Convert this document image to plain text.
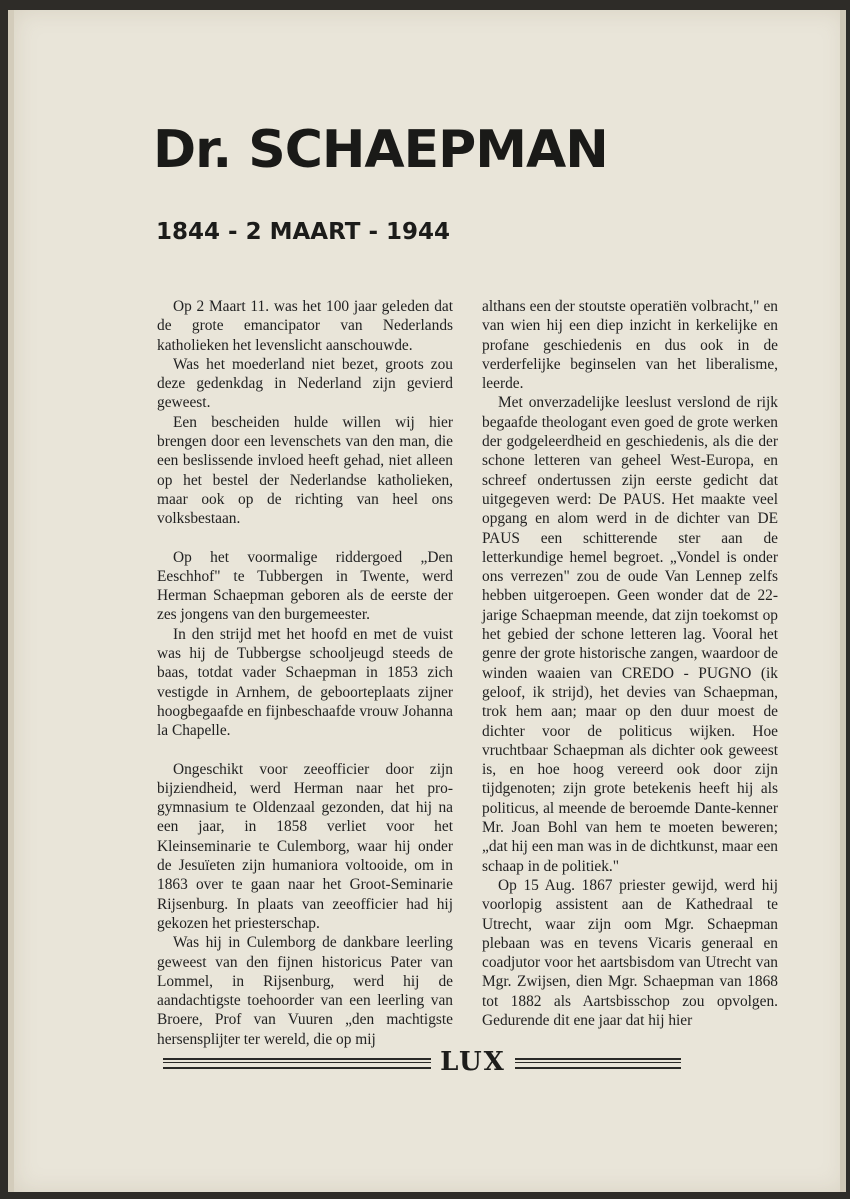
Dr. SCHAEPMAN
1844 - 2 MAART - 1944

Op 2 Maart 11. was het 100 jaar geleden dat de grote emancipator van Nederlands katholieken het levenslicht aanschouwde.

Was het moederland niet bezet, groots zou deze gedenkdag in Nederland zijn gevierd geweest.

Een bescheiden hulde willen wij hier brengen door een levenschets van den man, die een beslissende invloed heeft gehad, niet alleen op het bestel der Nederlandse katholieken, maar ook op de richting van heel ons volksbestaan.

Op het voormalige riddergoed „Den Eeschhof" te Tubbergen in Twente, werd Herman Schaepman geboren als de eerste der zes jongens van den burgemeester.

In den strijd met het hoofd en met de vuist was hij de Tubbergse schooljeugd steeds de baas, totdat vader Schaepman in 1853 zich vestigde in Arnhem, de geboorteplaats zijner hoogbegaafde en fijnbeschaafde vrouw Johanna la Chapelle.

Ongeschikt voor zeeofficier door zijn bijziendheid, werd Herman naar het pro-gymnasium te Oldenzaal gezonden, dat hij na een jaar, in 1858 verliet voor het Kleinseminarie te Culemborg, waar hij onder de Jesuïeten zijn humaniora voltooide, om in 1863 over te gaan naar het Groot-Seminarie Rijsenburg. In plaats van zeeofficier had hij gekozen het priesterschap.

Was hij in Culemborg de dankbare leerling geweest van den fijnen historicus Pater van Lommel, in Rijsenburg, werd hij de aandachtigste toehoorder van een leerling van Broere, Prof van Vuuren „den machtigste hersensplijter ter wereld, die op mij

althans een der stoutste operatiën volbracht," en van wien hij een diep inzicht in kerkelijke en profane geschiedenis en dus ook in de verderfelijke beginselen van het liberalisme, leerde.

Met onverzadelijke leeslust verslond de rijk begaafde theologant even goed de grote werken der godgeleerdheid en geschiedenis, als die der schone letteren van geheel West-Europa, en schreef ondertussen zijn eerste gedicht dat uitgegeven werd: De PAUS. Het maakte veel opgang en alom werd in de dichter van DE PAUS een schitterende ster aan de letterkundige hemel begroet. „Vondel is onder ons verrezen" zou de oude Van Lennep zelfs hebben uitgeroepen. Geen wonder dat de 22-jarige Schaepman meende, dat zijn toekomst op het gebied der schone letteren lag. Vooral het genre der grote historische zangen, waardoor de winden waaien van CREDO - PUGNO (ik geloof, ik strijd), het devies van Schaepman, trok hem aan; maar op den duur moest de dichter voor de politicus wijken. Hoe vruchtbaar Schaepman als dichter ook geweest is, en hoe hoog vereerd ook door zijn tijdgenoten; zijn grote betekenis heeft hij als politicus, al meende de beroemde Dante-kenner Mr. Joan Bohl van hem te moeten beweren; „dat hij een man was in de dichtkunst, maar een schaap in de politiek."

Op 15 Aug. 1867 priester gewijd, werd hij voorlopig assistent aan de Kathedraal te Utrecht, waar zijn oom Mgr. Schaepman plebaan was en tevens Vicaris generaal en coadjutor voor het aartsbisdom van Utrecht van Mgr. Zwijsen, dien Mgr. Schaepman van 1868 tot 1882 als Aartsbisschop zou opvolgen. Gedurende dit ene jaar dat hij hier

LUX
